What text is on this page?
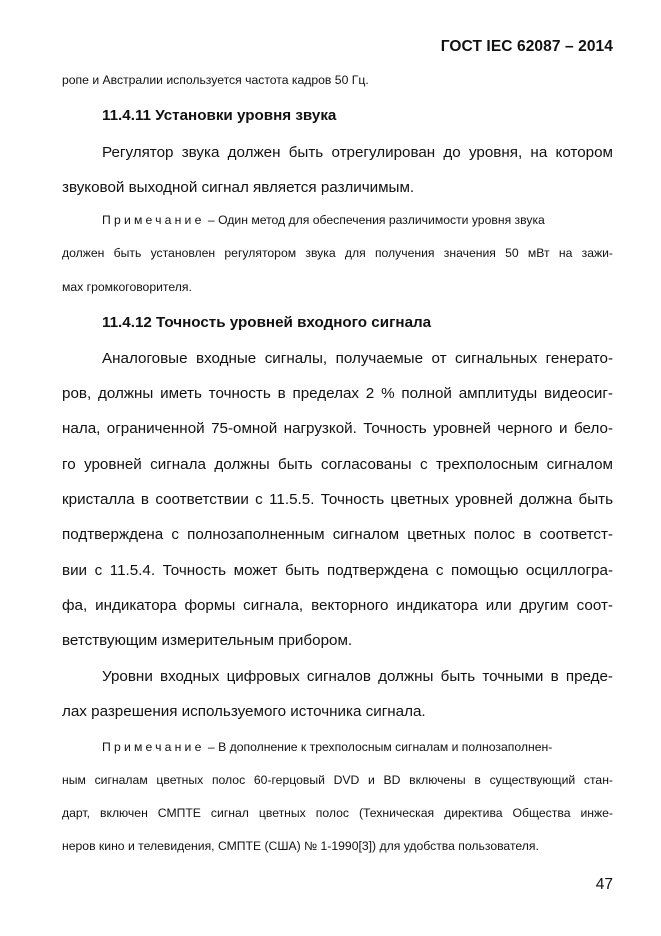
ГОСТ IEC 62087 – 2014
ропе и Австралии используется частота кадров 50 Гц.
11.4.11 Установки уровня звука
Регулятор звука должен быть отрегулирован до уровня, на котором
звуковой выходной сигнал является различимым.
Примечание – Один метод для обеспечения различимости уровня звука
должен быть установлен регулятором звука для получения значения 50 мВт на зажи-
мах громкоговорителя.
11.4.12 Точность уровней входного сигнала
Аналоговые входные сигналы, получаемые от сигнальных генерато-
ров, должны иметь точность в пределах 2 % полной амплитуды видеосиг-
нала, ограниченной 75-омной нагрузкой. Точность уровней черного и бело-
го уровней сигнала должны быть согласованы с трехполосным сигналом
кристалла в соответствии с 11.5.5. Точность цветных уровней должна быть
подтверждена с полнозаполненным сигналом цветных полос в соответст-
вии с 11.5.4. Точность может быть подтверждена с помощью осциллогра-
фа, индикатора формы сигнала, векторного индикатора или другим соот-
ветствующим измерительным прибором.
Уровни входных цифровых сигналов должны быть точными в преде-
лах разрешения используемого источника сигнала.
Примечание – В дополнение к трехполосным сигналам и полнозаполнен-
ным сигналам цветных полос 60-герцовый DVD и BD включены в существующий стан-
дарт, включен СМПТЕ сигнал цветных полос (Техническая директива Общества инже-
неров кино и телевидения, СМПТЕ (США) № 1-1990[3]) для удобства пользователя.
47
